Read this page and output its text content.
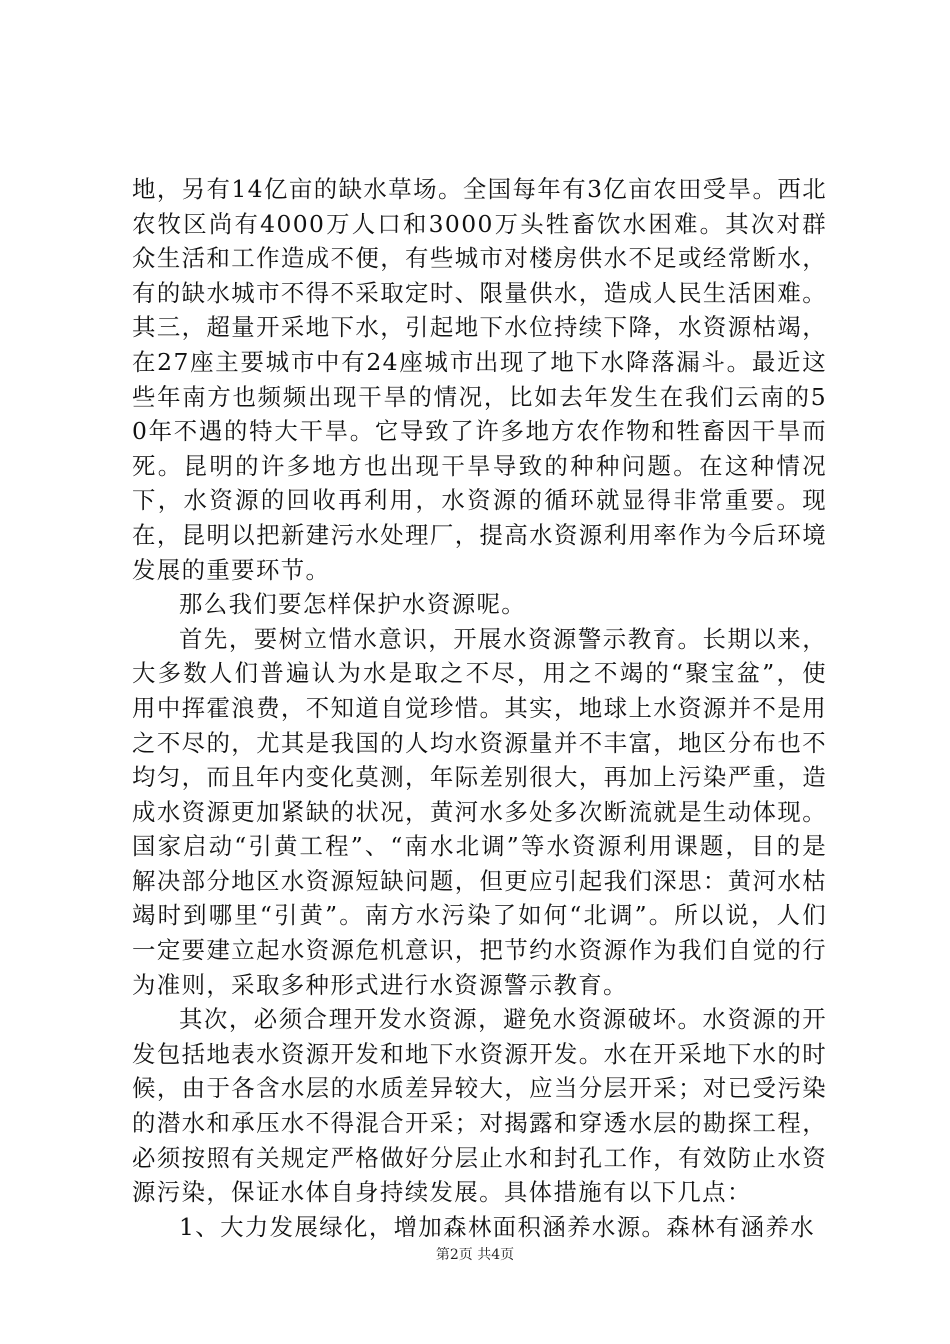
地，另有14亿亩的缺水草场。全国每年有3亿亩农田受旱。西北农牧区尚有4000万人口和3000万头牲畜饮水困难。其次对群众生活和工作造成不便，有些城市对楼房供水不足或经常断水，有的缺水城市不得不采取定时、限量供水，造成人民生活困难。其三，超量开采地下水，引起地下水位持续下降，水资源枯竭，在27座主要城市中有24座城市出现了地下水降落漏斗。最近这些年南方也频频出现干旱的情况，比如去年发生在我们云南的50年不遇的特大干旱。它导致了许多地方农作物和牲畜因干旱而死。昆明的许多地方也出现干旱导致的种种问题。在这种情况下，水资源的回收再利用，水资源的循环就显得非常重要。现在，昆明以把新建污水处理厂，提高水资源利用率作为今后环境发展的重要环节。

那么我们要怎样保护水资源呢。

首先，要树立惜水意识，开展水资源警示教育。长期以来，大多数人们普遍认为水是取之不尽，用之不竭的“聚宝盆”，使用中挥霍浪费，不知道自觉珍惜。其实，地球上水资源并不是用之不尽的，尤其是我国的人均水资源量并不丰富，地区分布也不均匀，而且年内变化莫测，年际差别很大，再加上污染严重，造成水资源更加紧缺的状况，黄河水多处多次断流就是生动体现。国家启动“引黄工程”、“南水北调”等水资源利用课题，目的是解决部分地区水资源短缺问题，但更应引起我们深思：黄河水枯竭时到哪里“引黄”。南方水污染了如何“北调”。所以说，人们一定要建立起水资源危机意识，把节约水资源作为我们自觉的行为准则，采取多种形式进行水资源警示教育。

其次，必须合理开发水资源，避免水资源破坏。水资源的开发包括地表水资源开发和地下水资源开发。水在开采地下水的时候，由于各含水层的水质差异较大，应当分层开采；对已受污染的潜水和承压水不得混合开采；对揭露和穿透水层的勘探工程，必须按照有关规定严格做好分层止水和封孔工作，有效防止水资源污染，保证水体自身持续发展。具体措施有以下几点：

1、大力发展绿化，增加森林面积涵养水源。森林有涵养水

第2页 共4页
